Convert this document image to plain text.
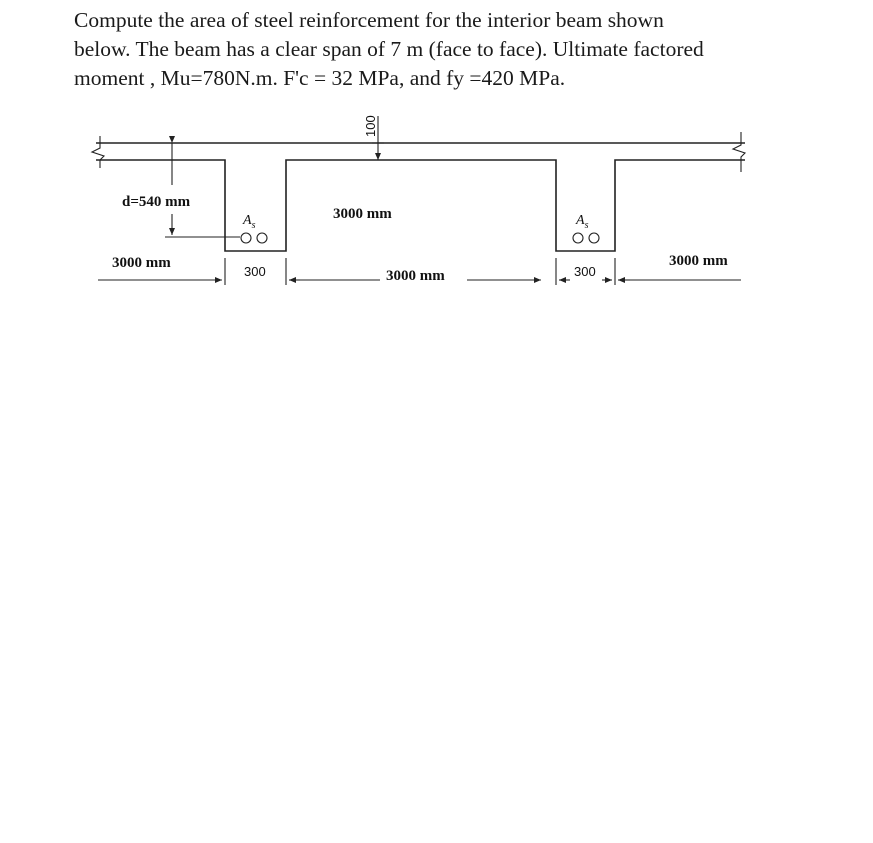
Compute the area of steel reinforcement for the interior beam shown
below. The beam has a clear span of 7 m (face to face). Ultimate factored
moment , Mu=780N.m. F'c = 32 MPa, and fy =420 MPa.

d=540 mm
100
3000 mm
$A_s$	$A_s$
3000 mm	3000 mm
300	3000 mm	300
